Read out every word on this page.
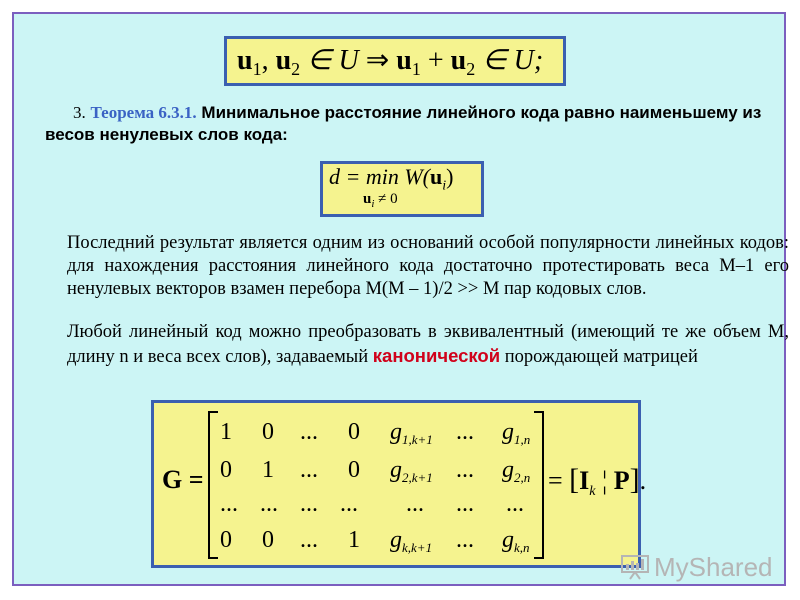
$u_1$, $u_2$ ∈ U ⇒ $u_1 + u_2$ ∈ U;
3. Теорема 6.3.1. Минимальное расстояние линейного кода равно наименьшему из весов ненулевых слов кода:
$d = \min W(u_i)$
$u_i \ne 0$
Последний результат является одним из оснований особой популярности линейных кодов: для нахождения расстояния линейного кода достаточно протестировать веса M–1 его ненулевых векторов взамен перебора M(M – 1)/2 >> M пар кодовых слов.
Любой линейный код можно преобразовать в эквивалентный (имеющий те же объем M, длину n и веса всех слов), задаваемый канонической порождающей матрицей
G =
1 0 ... 0 $g_{1,k+1}$ ... $g_{1,n}$
0 1 ... 0 $g_{2,k+1}$ ... $g_{2,n}$
... ... ... ... ... ... ...
0 0 ... 1 $g_{k,k+1}$ ... $g_{k,n}$
= [$I_k$ ¦ P].
MyShared
